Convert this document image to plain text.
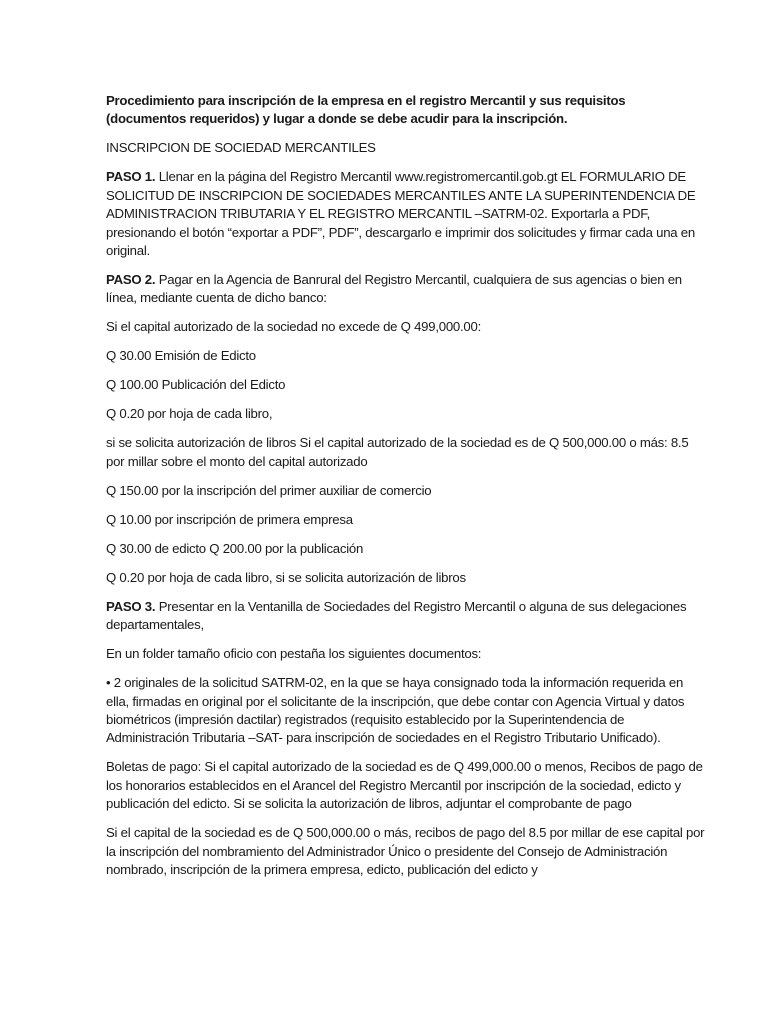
Procedimiento para inscripción de la empresa en el registro Mercantil y sus requisitos (documentos requeridos) y lugar a donde se debe acudir para la inscripción.

INSCRIPCION DE SOCIEDAD MERCANTILES

PASO 1. Llenar en la página del Registro Mercantil www.registromercantil.gob.gt EL FORMULARIO DE SOLICITUD DE INSCRIPCION DE SOCIEDADES MERCANTILES ANTE LA SUPERINTENDENCIA DE ADMINISTRACION TRIBUTARIA Y EL REGISTRO MERCANTIL –SATRM-02. Exportarla a PDF, presionando el botón “exportar a PDF”, PDF”, descargarlo e imprimir dos solicitudes y firmar cada una en original.

PASO 2. Pagar en la Agencia de Banrural del Registro Mercantil, cualquiera de sus agencias o bien en línea, mediante cuenta de dicho banco:

Si el capital autorizado de la sociedad no excede de Q 499,000.00:

Q 30.00 Emisión de Edicto

Q 100.00 Publicación del Edicto

Q 0.20 por hoja de cada libro,

si se solicita autorización de libros Si el capital autorizado de la sociedad es de Q 500,000.00 o más: 8.5 por millar sobre el monto del capital autorizado

Q 150.00 por la inscripción del primer auxiliar de comercio

Q 10.00 por inscripción de primera empresa

Q 30.00 de edicto Q 200.00 por la publicación

Q 0.20 por hoja de cada libro, si se solicita autorización de libros

PASO 3. Presentar en la Ventanilla de Sociedades del Registro Mercantil o alguna de sus delegaciones departamentales,

En un folder tamaño oficio con pestaña los siguientes documentos:

• 2 originales de la solicitud SATRM-02, en la que se haya consignado toda la información requerida en ella, firmadas en original por el solicitante de la inscripción, que debe contar con Agencia Virtual y datos biométricos (impresión dactilar) registrados (requisito establecido por la Superintendencia de Administración Tributaria –SAT- para inscripción de sociedades en el Registro Tributario Unificado).

Boletas de pago: Si el capital autorizado de la sociedad es de Q 499,000.00 o menos, Recibos de pago de los honorarios establecidos en el Arancel del Registro Mercantil por inscripción de la sociedad, edicto y publicación del edicto. Si se solicita la autorización de libros, adjuntar el comprobante de pago

Si el capital de la sociedad es de Q 500,000.00 o más, recibos de pago del 8.5 por millar de ese capital por la inscripción del nombramiento del Administrador Único o presidente del Consejo de Administración nombrado, inscripción de la primera empresa, edicto, publicación del edicto y
